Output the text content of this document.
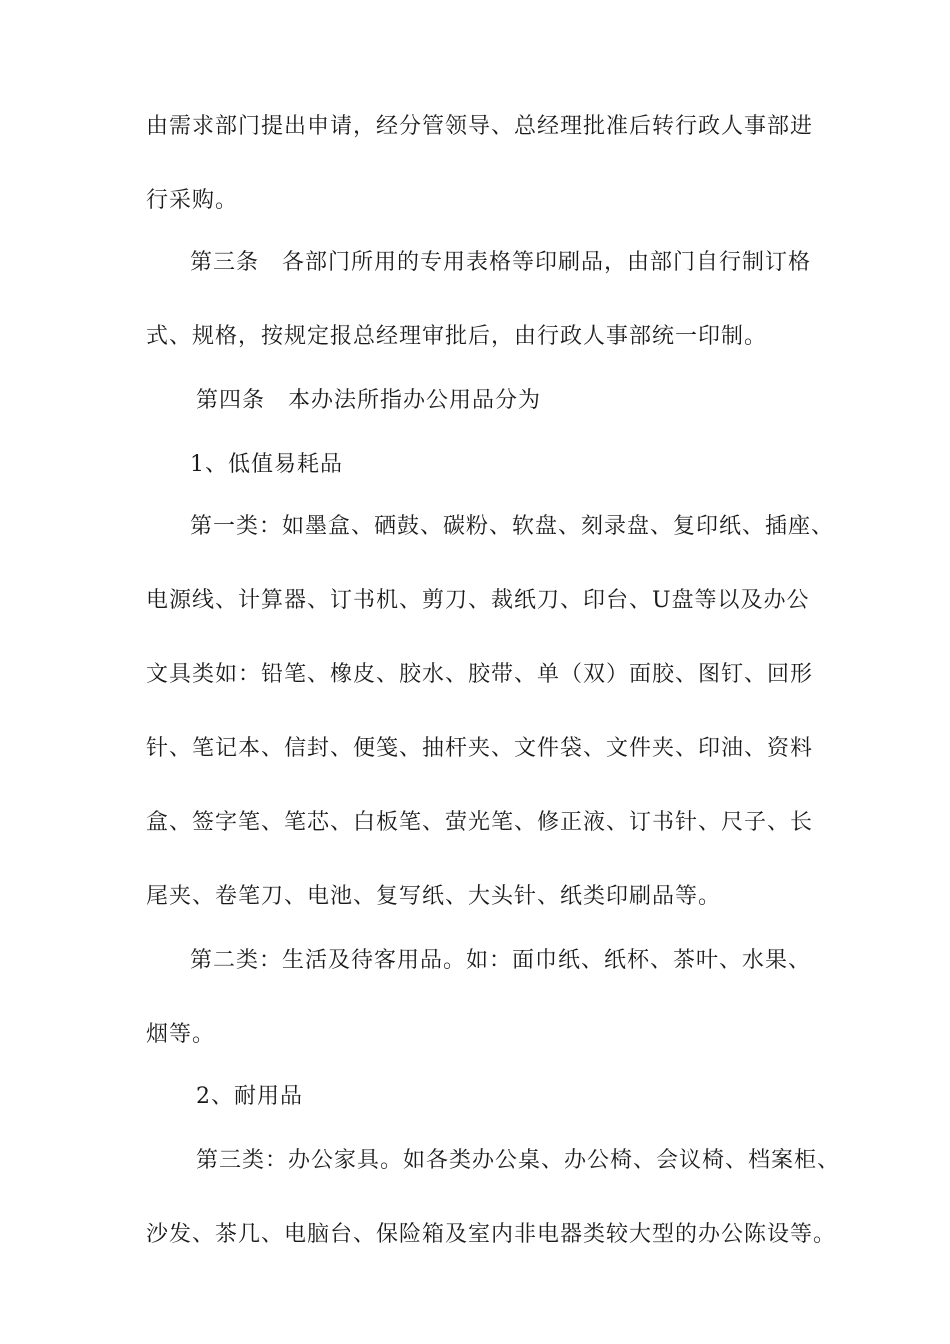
由需求部门提出申请，经分管领导、总经理批准后转行政人事部进
行采购。
第三条　各部门所用的专用表格等印刷品，由部门自行制订格
式、规格，按规定报总经理审批后，由行政人事部统一印制。
第四条　本办法所指办公用品分为
1、低值易耗品
第一类：如墨盒、硒鼓、碳粉、软盘、刻录盘、复印纸、插座、
电源线、计算器、订书机、剪刀、裁纸刀、印台、U盘等以及办公
文具类如：铅笔、橡皮、胶水、胶带、单（双）面胶、图钉、回形
针、笔记本、信封、便笺、抽杆夹、文件袋、文件夹、印油、资料
盒、签字笔、笔芯、白板笔、萤光笔、修正液、订书针、尺子、长
尾夹、卷笔刀、电池、复写纸、大头针、纸类印刷品等。
第二类：生活及待客用品。如：面巾纸、纸杯、茶叶、水果、
烟等。
2、耐用品
第三类：办公家具。如各类办公桌、办公椅、会议椅、档案柜、
沙发、茶几、电脑台、保险箱及室内非电器类较大型的办公陈设等。
